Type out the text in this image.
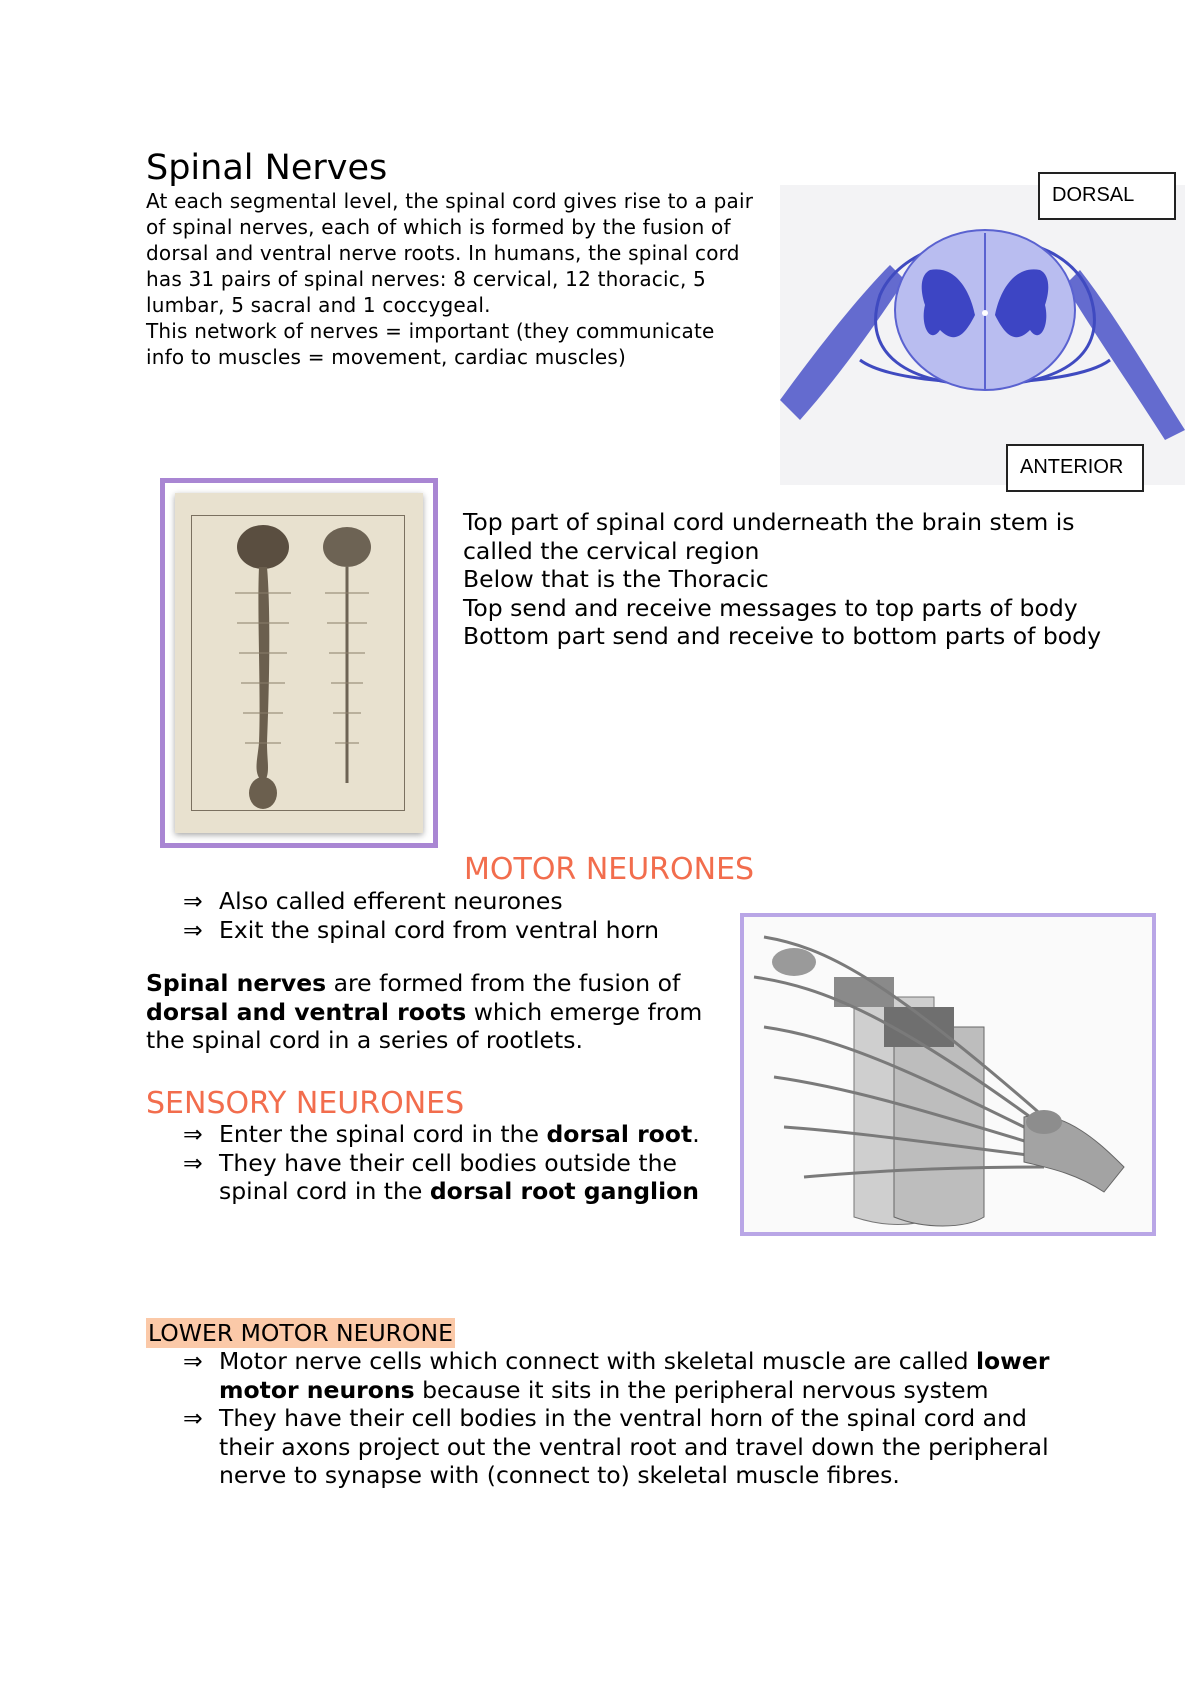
Spinal Nerves

At each segmental level, the spinal cord gives rise to a pair of spinal nerves, each of which is formed by the fusion of dorsal and ventral nerve roots. In humans, the spinal cord has 31 pairs of spinal nerves: 8 cervical, 12 thoracic, 5 lumbar, 5 sacral and 1 coccygeal.

This network of nerves = important (they communicate info to muscles = movement, cardiac muscles)

DORSAL
ANTERIOR
Top part of spinal cord underneath the brain stem is called the cervical region
Below that is the Thoracic
Top send and receive messages to top parts of body
Bottom part send and receive to bottom parts of body
MOTOR NEURONES
⇒ Also called efferent neurones
⇒ Exit the spinal cord from ventral horn
Spinal nerves are formed from the fusion of dorsal and ventral roots which emerge from the spinal cord in a series of rootlets.
SENSORY NEURONES
⇒ Enter the spinal cord in the dorsal root.
⇒ They have their cell bodies outside the spinal cord in the dorsal root ganglion
LOWER MOTOR NEURONE
⇒ Motor nerve cells which connect with skeletal muscle are called lower motor neurons because it sits in the peripheral nervous system
⇒ They have their cell bodies in the ventral horn of the spinal cord and their axons project out the ventral root and travel down the peripheral nerve to synapse with (connect to) skeletal muscle fibres.
